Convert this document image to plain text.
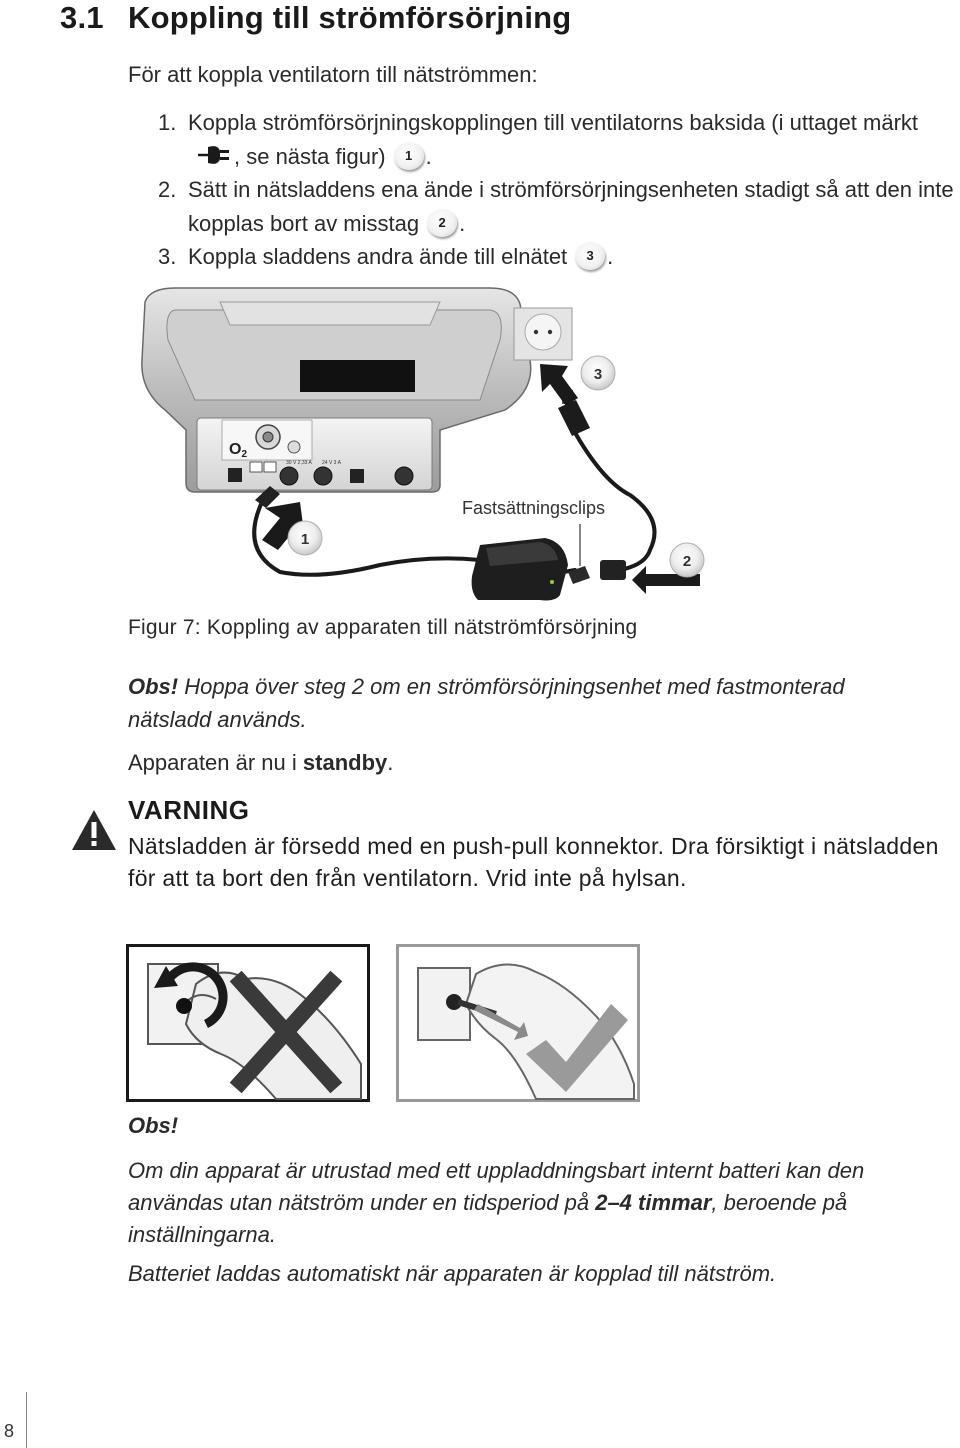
3.1 Koppling till strömförsörjning
För att koppla ventilatorn till nätströmmen:
1. Koppla strömförsörjningskopplingen till ventilatorns baksida (i uttaget märkt, se nästa figur) 1 .
2. Sätt in nätsladdens ena ände i strömförsörjningsenheten stadigt så att den inte kopplas bort av misstag 2 .
3. Koppla sladdens andra ände till elnätet 3 .
O2
30 V 2,33 A 24 V 3 A
Fastsättningsclips
1
2
3
Figur 7: Koppling av apparaten till nätströmförsörjning
Obs! Hoppa över steg 2 om en strömförsörjningsenhet med fastmonterad nätsladd används.
Apparaten är nu i standby.
VARNING
Nätsladden är försedd med en push-pull konnektor. Dra försiktigt i nätsladden för att ta bort den från ventilatorn. Vrid inte på hylsan.
Obs!
Om din apparat är utrustad med ett uppladdningsbart internt batteri kan den användas utan nätström under en tidsperiod på 2–4 timmar, beroende på inställningarna.
Batteriet laddas automatiskt när apparaten är kopplad till nätström.
8
